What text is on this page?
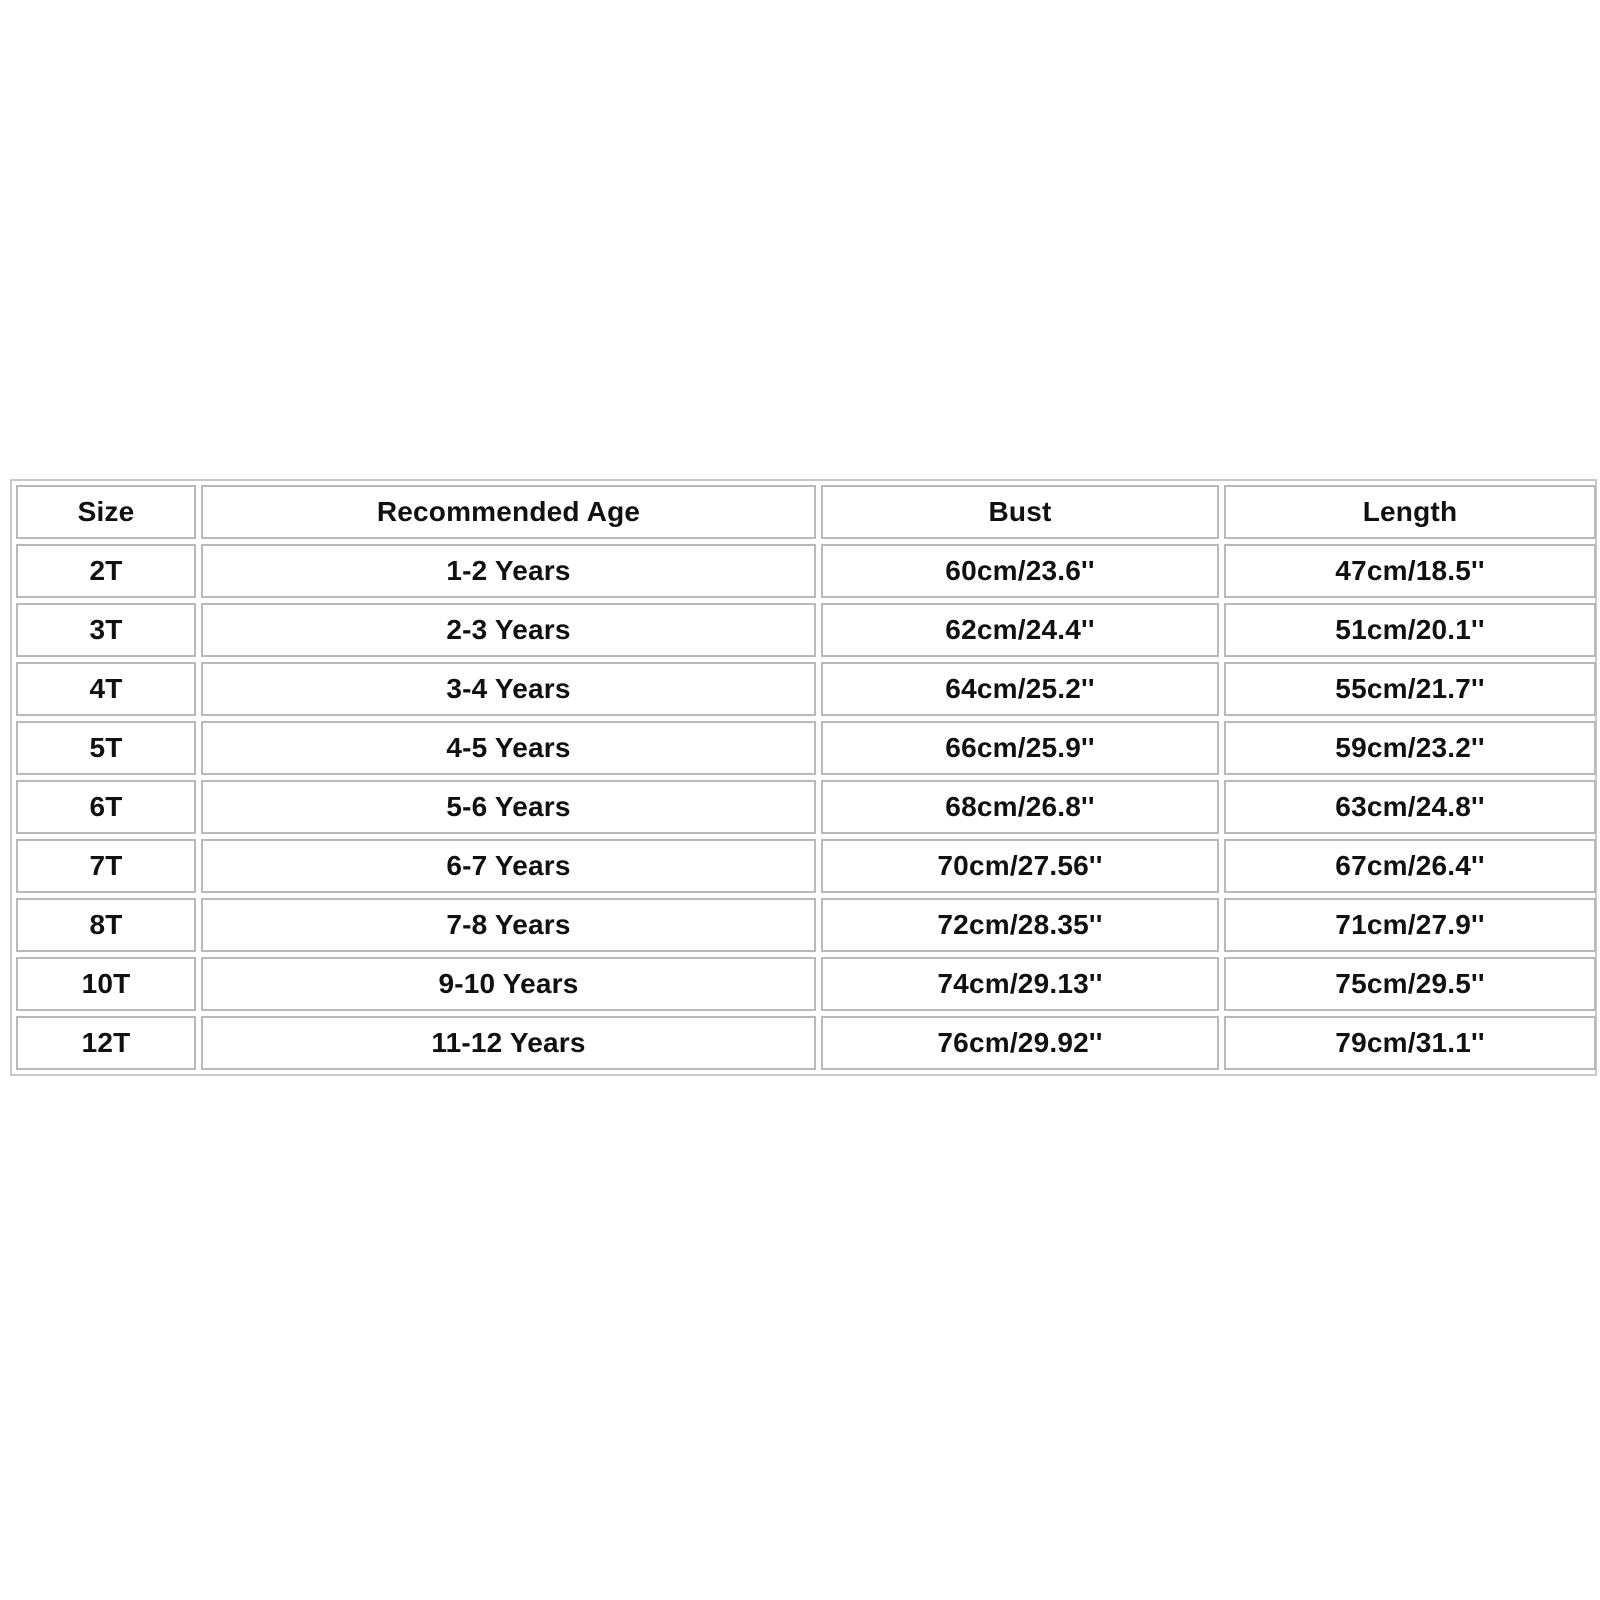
Size	Recommended Age	Bust	Length
2T	1-2 Years	60cm/23.6''	47cm/18.5''
3T	2-3 Years	62cm/24.4''	51cm/20.1''
4T	3-4 Years	64cm/25.2''	55cm/21.7''
5T	4-5 Years	66cm/25.9''	59cm/23.2''
6T	5-6 Years	68cm/26.8''	63cm/24.8''
7T	6-7 Years	70cm/27.56''	67cm/26.4''
8T	7-8 Years	72cm/28.35''	71cm/27.9''
10T	9-10 Years	74cm/29.13''	75cm/29.5''
12T	11-12 Years	76cm/29.92''	79cm/31.1''
